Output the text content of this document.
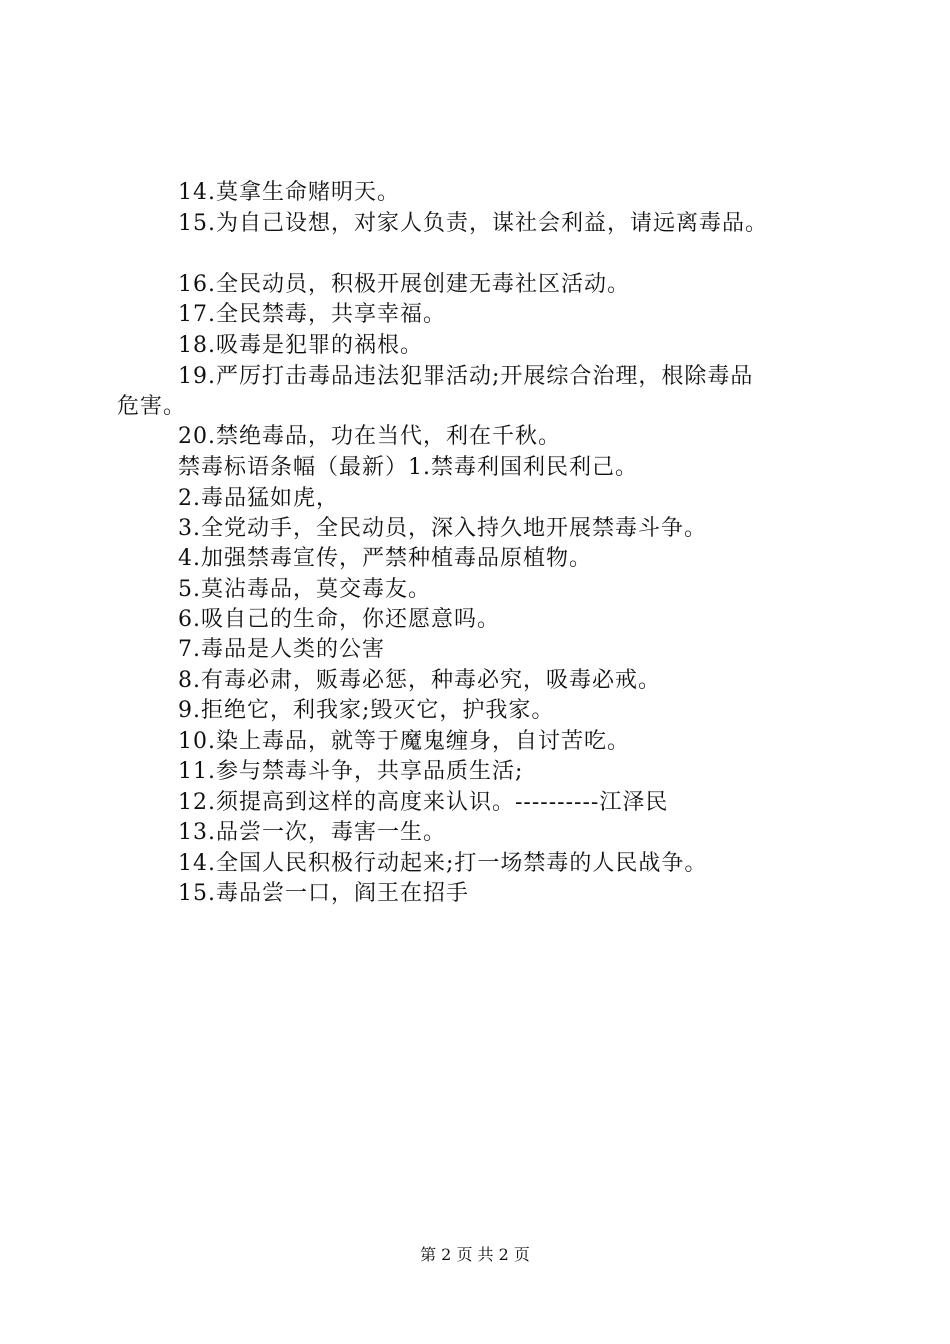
14.莫拿生命赌明天。
15.为自己设想，对家人负责，谋社会利益，请远离毒品。
16.全民动员，积极开展创建无毒社区活动。
17.全民禁毒，共享幸福。
18.吸毒是犯罪的祸根。
19.严厉打击毒品违法犯罪活动;开展综合治理，根除毒品
危害。
20.禁绝毒品，功在当代，利在千秋。
禁毒标语条幅（最新）1.禁毒利国利民利己。
2.毒品猛如虎，
3.全党动手，全民动员，深入持久地开展禁毒斗争。
4.加强禁毒宣传，严禁种植毒品原植物。
5.莫沾毒品，莫交毒友。
6.吸自己的生命，你还愿意吗。
7.毒品是人类的公害
8.有毒必肃，贩毒必惩，种毒必究，吸毒必戒。
9.拒绝它，利我家;毁灭它，护我家。
10.染上毒品，就等于魔鬼缠身，自讨苦吃。
11.参与禁毒斗争，共享品质生活;
12.须提高到这样的高度来认识。----------江泽民
13.品尝一次，毒害一生。
14.全国人民积极行动起来;打一场禁毒的人民战争。
15.毒品尝一口，阎王在招手
第 2 页 共 2 页
